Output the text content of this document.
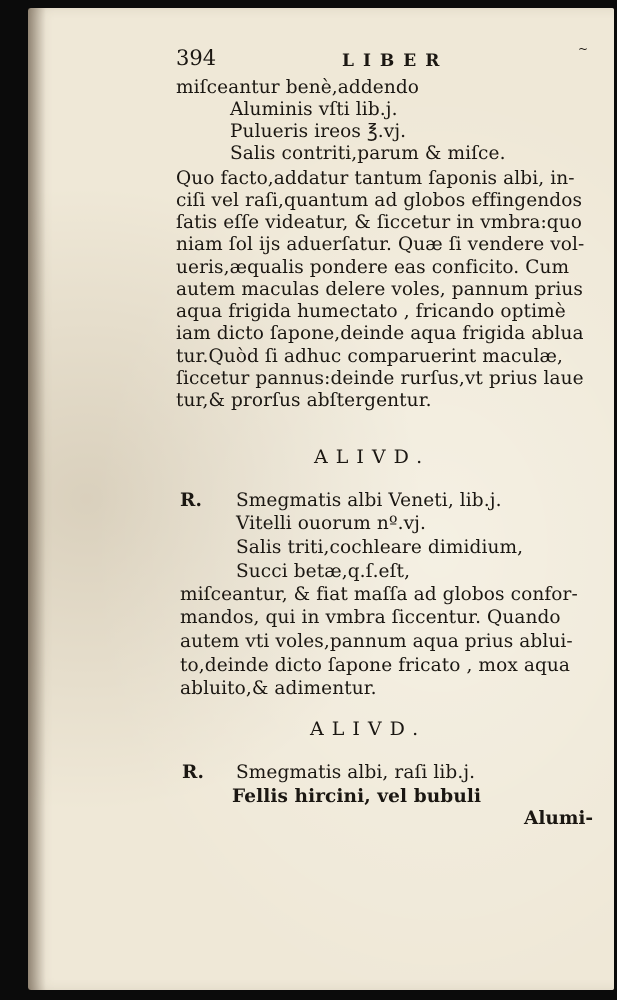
394	LIBER
~
miſceantur benè,addendo
Aluminis vſti lib.j.
Pulueris ireos ℥.vj.
Salis contriti,parum & miſce.
Quo facto,addatur tantum ſaponis albi, in-
ciſi vel raſi,quantum ad globos effingendos
ſatis eſſe videatur, & ſiccetur in vmbra:quo
niam ſol ijs aduerſatur. Quæ ſi vendere vol-
ueris,æqualis pondere eas conficito. Cum
autem maculas delere voles, pannum prius
aqua frigida humectato , fricando optimè
iam dicto ſapone,deinde aqua frigida ablua
tur.Quòd ſi adhuc comparuerint maculæ,
ſiccetur pannus:deinde rurſus,vt prius laue
tur,& prorſus abſtergentur.
ALIVD.
R. Smegmatis albi Veneti, lib.j.
Vitelli ouorum nº.vj.
Salis triti,cochleare dimidium,
Succi betæ,q.ſ.eſt,
miſceantur, & fiat maſſa ad globos confor-
mandos, qui in vmbra ſiccentur. Quando
autem vti voles,pannum aqua prius ablui-
to,deinde dicto ſapone fricato , mox aqua
abluito,& adimentur.
ALIVD.
R. Smegmatis albi, raſi lib.j.
Fellis hircini, vel bubuli
Alumi-
